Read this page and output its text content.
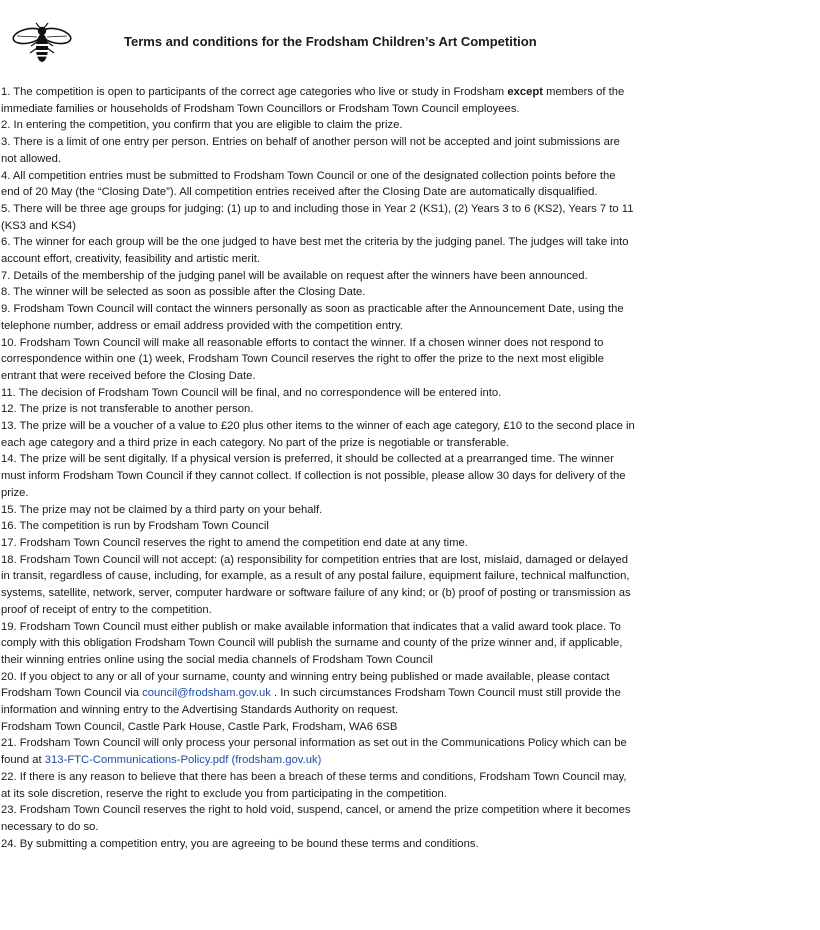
Terms and conditions for the Frodsham Children’s Art Competition

1. The competition is open to participants of the correct age categories who live or study in Frodsham except members of the immediate families or households of Frodsham Town Councillors or Frodsham Town Council employees.

2. In entering the competition, you confirm that you are eligible to claim the prize.

3. There is a limit of one entry per person. Entries on behalf of another person will not be accepted and joint submissions are not allowed.

4. All competition entries must be submitted to Frodsham Town Council or one of the designated collection points before the end of 20 May (the “Closing Date”). All competition entries received after the Closing Date are automatically disqualified.

5. There will be three age groups for judging: (1) up to and including those in Year 2 (KS1), (2) Years 3 to 6 (KS2), Years 7 to 11 (KS3 and KS4)

6. The winner for each group will be the one judged to have best met the criteria by the judging panel. The judges will take into account effort, creativity, feasibility and artistic merit.

7. Details of the membership of the judging panel will be available on request after the winners have been announced.

8. The winner will be selected as soon as possible after the Closing Date.

9. Frodsham Town Council will contact the winners personally as soon as practicable after the Announcement Date, using the telephone number, address or email address provided with the competition entry.

10. Frodsham Town Council will make all reasonable efforts to contact the winner. If a chosen winner does not respond to correspondence within one (1) week, Frodsham Town Council reserves the right to offer the prize to the next most eligible entrant that were received before the Closing Date.

11. The decision of Frodsham Town Council will be final, and no correspondence will be entered into.

12. The prize is not transferable to another person.

13. The prize will be a voucher of a value to £20 plus other items to the winner of each age category, £10 to the second place in each age category and a third prize in each category. No part of the prize is negotiable or transferable.

14. The prize will be sent digitally. If a physical version is preferred, it should be collected at a prearranged time. The winner must inform Frodsham Town Council if they cannot collect. If collection is not possible, please allow 30 days for delivery of the prize.

15. The prize may not be claimed by a third party on your behalf.

16. The competition is run by Frodsham Town Council

17. Frodsham Town Council reserves the right to amend the competition end date at any time.

18. Frodsham Town Council will not accept: (a) responsibility for competition entries that are lost, mislaid, damaged or delayed in transit, regardless of cause, including, for example, as a result of any postal failure, equipment failure, technical malfunction, systems, satellite, network, server, computer hardware or software failure of any kind; or (b) proof of posting or transmission as proof of receipt of entry to the competition.

19. Frodsham Town Council must either publish or make available information that indicates that a valid award took place. To comply with this obligation Frodsham Town Council will publish the surname and county of the prize winner and, if applicable, their winning entries online using the social media channels of Frodsham Town Council

20. If you object to any or all of your surname, county and winning entry being published or made available, please contact Frodsham Town Council via council@frodsham.gov.uk . In such circumstances Frodsham Town Council must still provide the information and winning entry to the Advertising Standards Authority on request.

Frodsham Town Council, Castle Park House, Castle Park, Frodsham, WA6 6SB

21. Frodsham Town Council will only process your personal information as set out in the Communications Policy which can be found at 313-FTC-Communications-Policy.pdf (frodsham.gov.uk)

22. If there is any reason to believe that there has been a breach of these terms and conditions, Frodsham Town Council may, at its sole discretion, reserve the right to exclude you from participating in the competition.

23. Frodsham Town Council reserves the right to hold void, suspend, cancel, or amend the prize competition where it becomes necessary to do so.

24. By submitting a competition entry, you are agreeing to be bound these terms and conditions.
